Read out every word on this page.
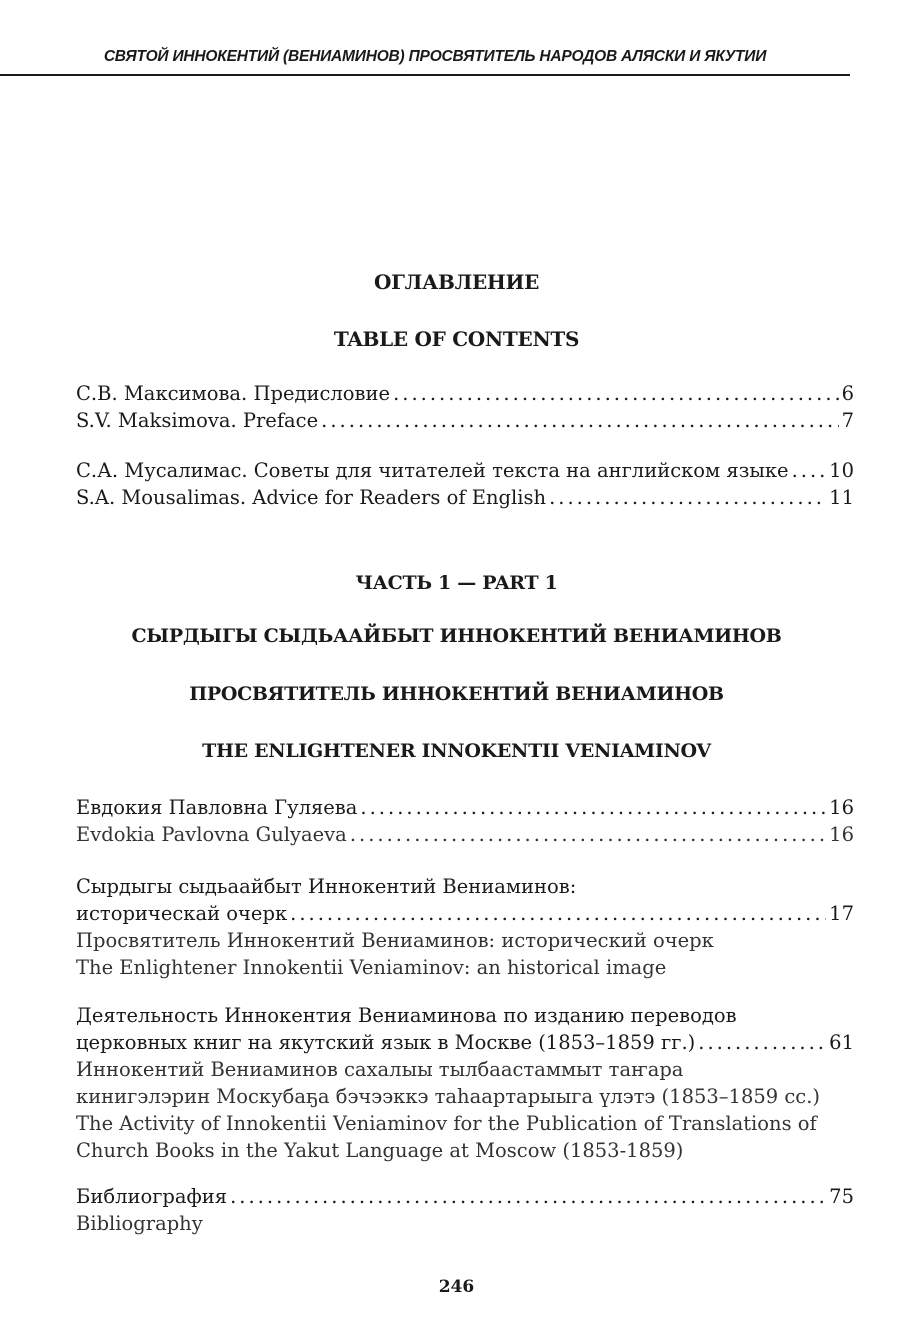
СВЯТОЙ ИННОКЕНТИЙ (ВЕНИАМИНОВ) ПРОСВЯТИТЕЛЬ НАРОДОВ АЛЯСКИ И ЯКУТИИ
ОГЛАВЛЕНИЕ
TABLE OF CONTENTS
С.В. Максимова. Предисловие . . .	6
S.V. Maksimova. Preface . . .	7
С.А. Мусалимас. Советы для читателей текста на английском языке . . . 10
S.A. Mousalimas. Advice for Readers of English . . .	11
ЧАСТЬ 1 — PART 1
СЫРДЫГЫ СЫДЬААЙБЫТ ИННОКЕНТИЙ ВЕНИАМИНОВ
ПРОСВЯТИТЕЛЬ ИННОКЕНТИЙ ВЕНИАМИНОВ
THE ENLIGHTENER INNOKENTII VENIAMINOV
Евдокия Павловна Гуляева . . .	16
Evdokia Pavlovna Gulyaeva . . .	16
Сырдыгы сыдьаайбыт Иннокентий Вениаминов:
историческай очерк . . .	17
Просвятитель Иннокентий Вениаминов: исторический очерк
The Enlightener Innokentii Veniaminov: an historical image
Деятельность Иннокентия Вениаминова по изданию переводов
церковных книг на якутский язык в Москве (1853–1859 гг.) . . .	61
Иннокентий Вениаминов сахалыы тылбаастаммыт таҥара
кинигэлэрин Москубаҕа бэчээккэ таһаартарыыга үлэтэ (1853–1859 сс.)
The Activity of Innokentii Veniaminov for the Publication of Translations of
Church Books in the Yakut Language at Moscow (1853-1859)
Библиография . . .	75
Bibliography
246
